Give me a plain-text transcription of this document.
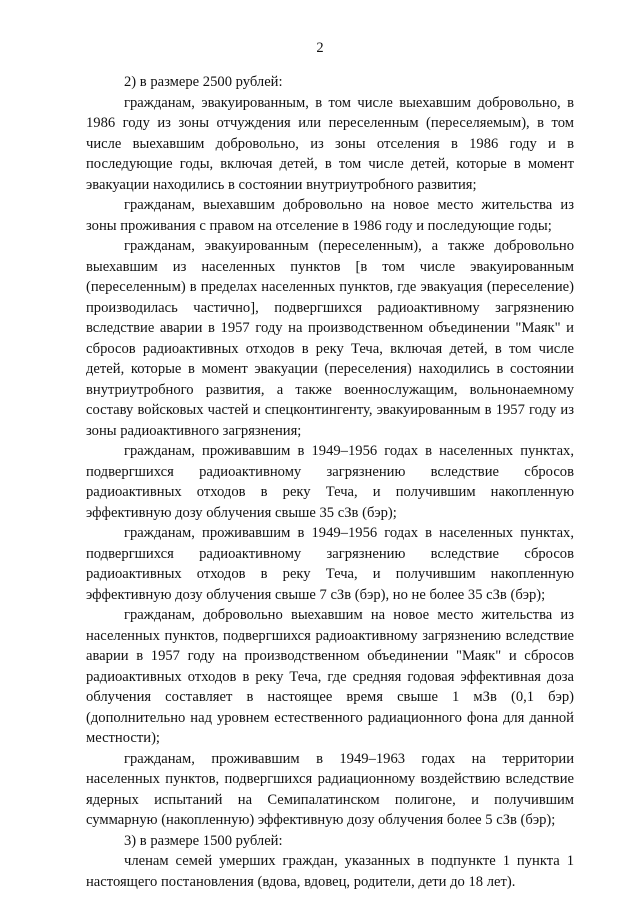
2

2) в размере 2500 рублей:

гражданам, эвакуированным, в том числе выехавшим добровольно, в 1986 году из зоны отчуждения или переселенным (переселяемым), в том числе выехавшим добровольно, из зоны отселения в 1986 году и в последующие годы, включая детей, в том числе детей, которые в момент эвакуации находились в состоянии внутриутробного развития;

гражданам, выехавшим добровольно на новое место жительства из зоны проживания с правом на отселение в 1986 году и последующие годы;

гражданам, эвакуированным (переселенным), а также добровольно выехавшим из населенных пунктов [в том числе эвакуированным (переселенным) в пределах населенных пунктов, где эвакуация (переселение) производилась частично], подвергшихся радиоактивному загрязнению вследствие аварии в 1957 году на производственном объединении "Маяк" и сбросов радиоактивных отходов в реку Теча, включая детей, в том числе детей, которые в момент эвакуации (переселения) находились в состоянии внутриутробного развития, а также военнослужащим, вольнонаемному составу войсковых частей и спецконтингенту, эвакуированным в 1957 году из зоны радиоактивного загрязнения;

гражданам, проживавшим в 1949–1956 годах в населенных пунктах, подвергшихся радиоактивному загрязнению вследствие сбросов радиоактивных отходов в реку Теча, и получившим накопленную эффективную дозу облучения свыше 35 сЗв (бэр);

гражданам, проживавшим в 1949–1956 годах в населенных пунктах, подвергшихся радиоактивному загрязнению вследствие сбросов радиоактивных отходов в реку Теча, и получившим накопленную эффективную дозу облучения свыше 7 сЗв (бэр), но не более 35 сЗв (бэр);

гражданам, добровольно выехавшим на новое место жительства из населенных пунктов, подвергшихся радиоактивному загрязнению вследствие аварии в 1957 году на производственном объединении "Маяк" и сбросов радиоактивных отходов в реку Теча, где средняя годовая эффективная доза облучения составляет в настоящее время свыше 1 мЗв (0,1 бэр) (дополнительно над уровнем естественного радиационного фона для данной местности);

гражданам, проживавшим в 1949–1963 годах на территории населенных пунктов, подвергшихся радиационному воздействию вследствие ядерных испытаний на Семипалатинском полигоне, и получившим суммарную (накопленную) эффективную дозу облучения более 5 сЗв (бэр);

3) в размере 1500 рублей:

членам семей умерших граждан, указанных в подпункте 1 пункта 1 настоящего постановления (вдова, вдовец, родители, дети до 18 лет).
